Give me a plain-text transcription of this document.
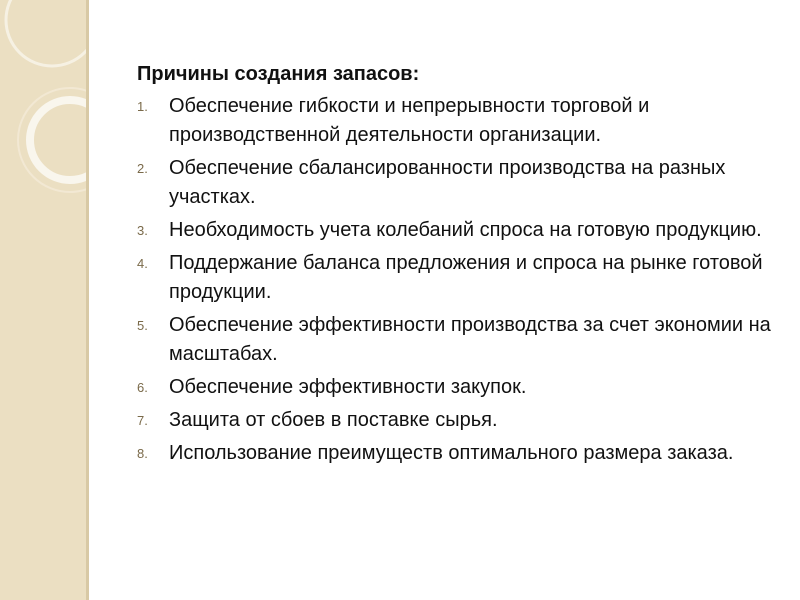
Причины создания запасов:
1.	Обеспечение гибкости и непрерывности торговой и производственной деятельности организации.
2.	Обеспечение сбалансированности производства на разных участках.
3.	Необходимость учета колебаний спроса на готовую продукцию.
4.	Поддержание баланса предложения и спроса на рынке готовой продукции.
5.	Обеспечение эффективности производства за счет экономии на масштабах.
6.	Обеспечение эффективности закупок.
7.	Защита от сбоев в поставке сырья.
8.	Использование преимуществ оптимального размера заказа.
